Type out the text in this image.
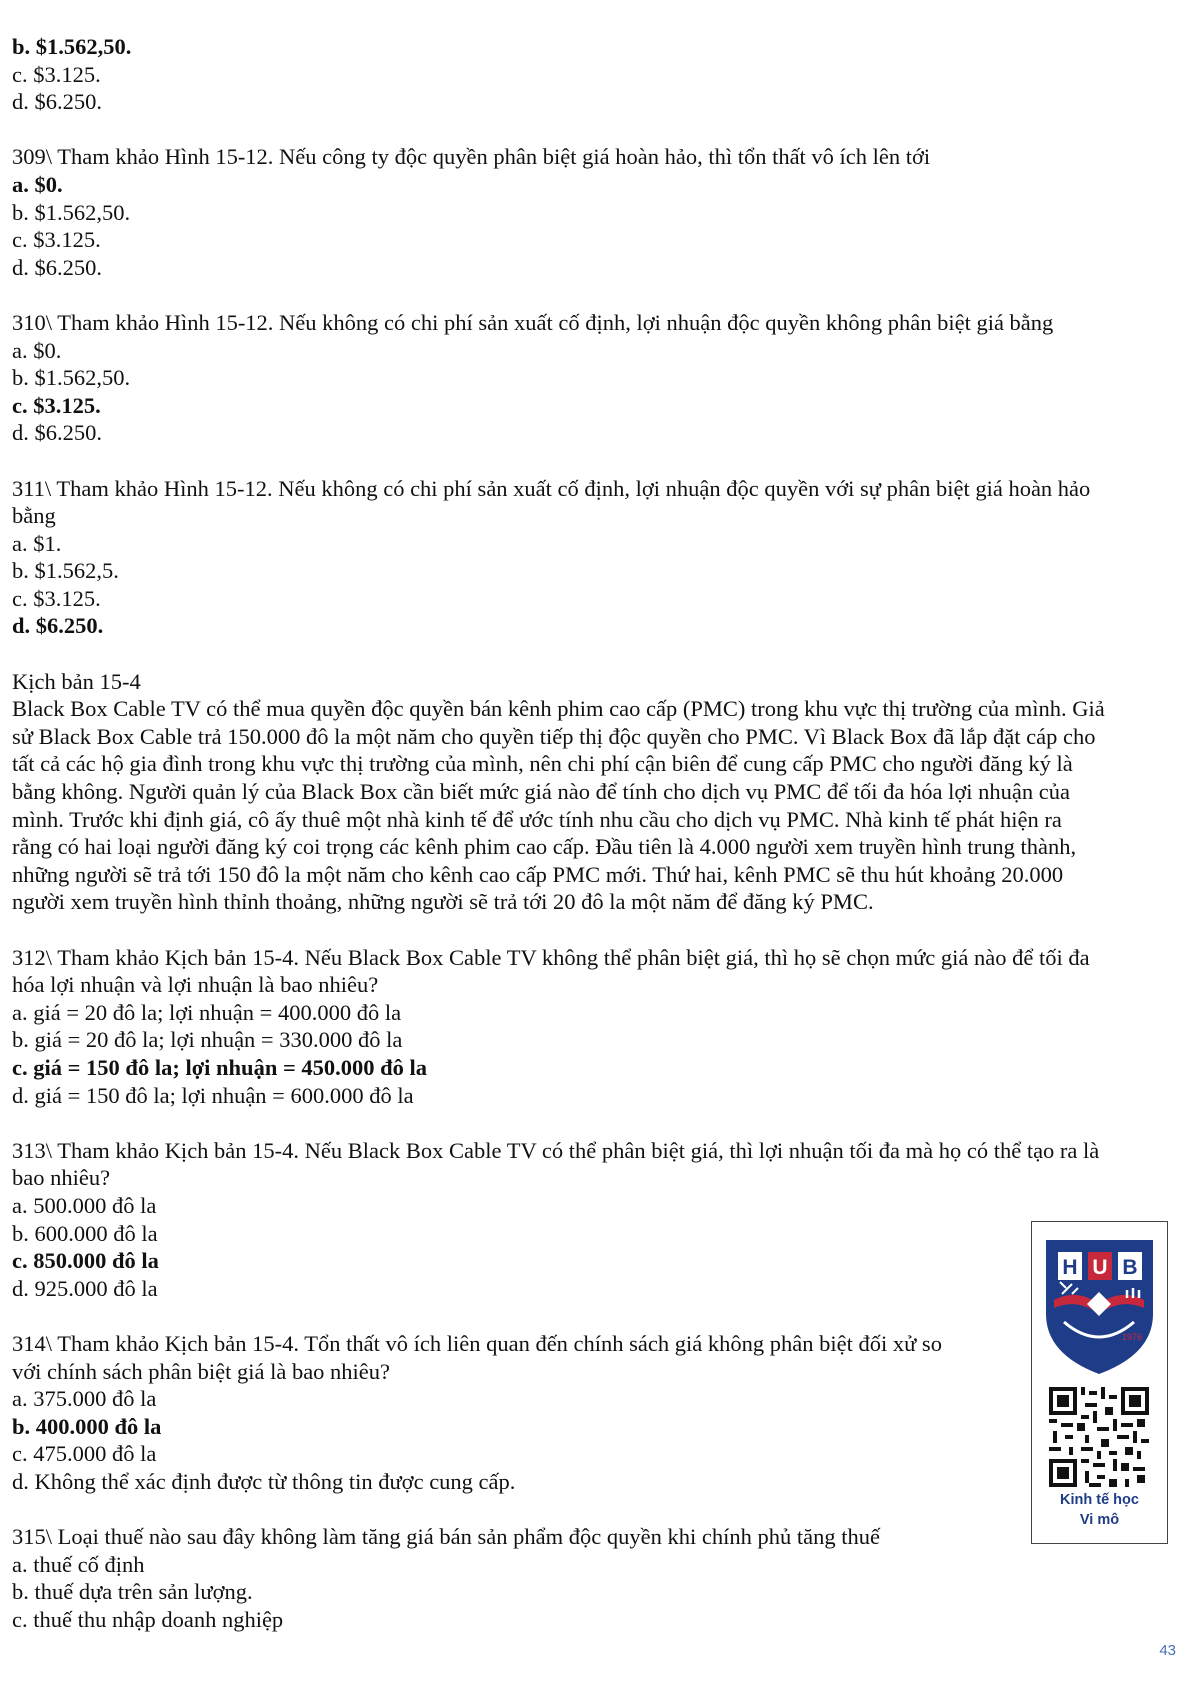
b. $1.562,50.
c. $3.125.
d. $6.250.
309\ Tham khảo Hình 15-12. Nếu công ty độc quyền phân biệt giá hoàn hảo, thì tổn thất vô ích lên tới
a. $0.
b. $1.562,50.
c. $3.125.
d. $6.250.
310\ Tham khảo Hình 15-12. Nếu không có chi phí sản xuất cố định, lợi nhuận độc quyền không phân biệt giá bằng
a. $0.
b. $1.562,50.
c. $3.125.
d. $6.250.
311\ Tham khảo Hình 15-12. Nếu không có chi phí sản xuất cố định, lợi nhuận độc quyền với sự phân biệt giá hoàn hảo
bằng
a. $1.
b. $1.562,5.
c. $3.125.
d. $6.250.
Kịch bản 15-4
Black Box Cable TV có thể mua quyền độc quyền bán kênh phim cao cấp (PMC) trong khu vực thị trường của mình. Giả
sử Black Box Cable trả 150.000 đô la một năm cho quyền tiếp thị độc quyền cho PMC. Vì Black Box đã lắp đặt cáp cho
tất cả các hộ gia đình trong khu vực thị trường của mình, nên chi phí cận biên để cung cấp PMC cho người đăng ký là
bằng không. Người quản lý của Black Box cần biết mức giá nào để tính cho dịch vụ PMC để tối đa hóa lợi nhuận của
mình. Trước khi định giá, cô ấy thuê một nhà kinh tế để ước tính nhu cầu cho dịch vụ PMC. Nhà kinh tế phát hiện ra
rằng có hai loại người đăng ký coi trọng các kênh phim cao cấp. Đầu tiên là 4.000 người xem truyền hình trung thành,
những người sẽ trả tới 150 đô la một năm cho kênh cao cấp PMC mới. Thứ hai, kênh PMC sẽ thu hút khoảng 20.000
người xem truyền hình thỉnh thoảng, những người sẽ trả tới 20 đô la một năm để đăng ký PMC.
312\ Tham khảo Kịch bản 15-4. Nếu Black Box Cable TV không thể phân biệt giá, thì họ sẽ chọn mức giá nào để tối đa
hóa lợi nhuận và lợi nhuận là bao nhiêu?
a. giá = 20 đô la; lợi nhuận = 400.000 đô la
b. giá = 20 đô la; lợi nhuận = 330.000 đô la
c. giá = 150 đô la; lợi nhuận = 450.000 đô la
d. giá = 150 đô la; lợi nhuận = 600.000 đô la
313\ Tham khảo Kịch bản 15-4. Nếu Black Box Cable TV có thể phân biệt giá, thì lợi nhuận tối đa mà họ có thể tạo ra là
bao nhiêu?
a. 500.000 đô la
b. 600.000 đô la
c. 850.000 đô la
d. 925.000 đô la
314\ Tham khảo Kịch bản 15-4. Tổn thất vô ích liên quan đến chính sách giá không phân biệt đối xử so
với chính sách phân biệt giá là bao nhiêu?
a. 375.000 đô la
b. 400.000 đô la
c. 475.000 đô la
d. Không thể xác định được từ thông tin được cung cấp.
315\ Loại thuế nào sau đây không làm tăng giá bán sản phẩm độc quyền khi chính phủ tăng thuế
a. thuế cố định
b. thuế dựa trên sản lượng.
c. thuế thu nhập doanh nghiệp
H U B
1976
Kinh tế học
Vi mô
43
